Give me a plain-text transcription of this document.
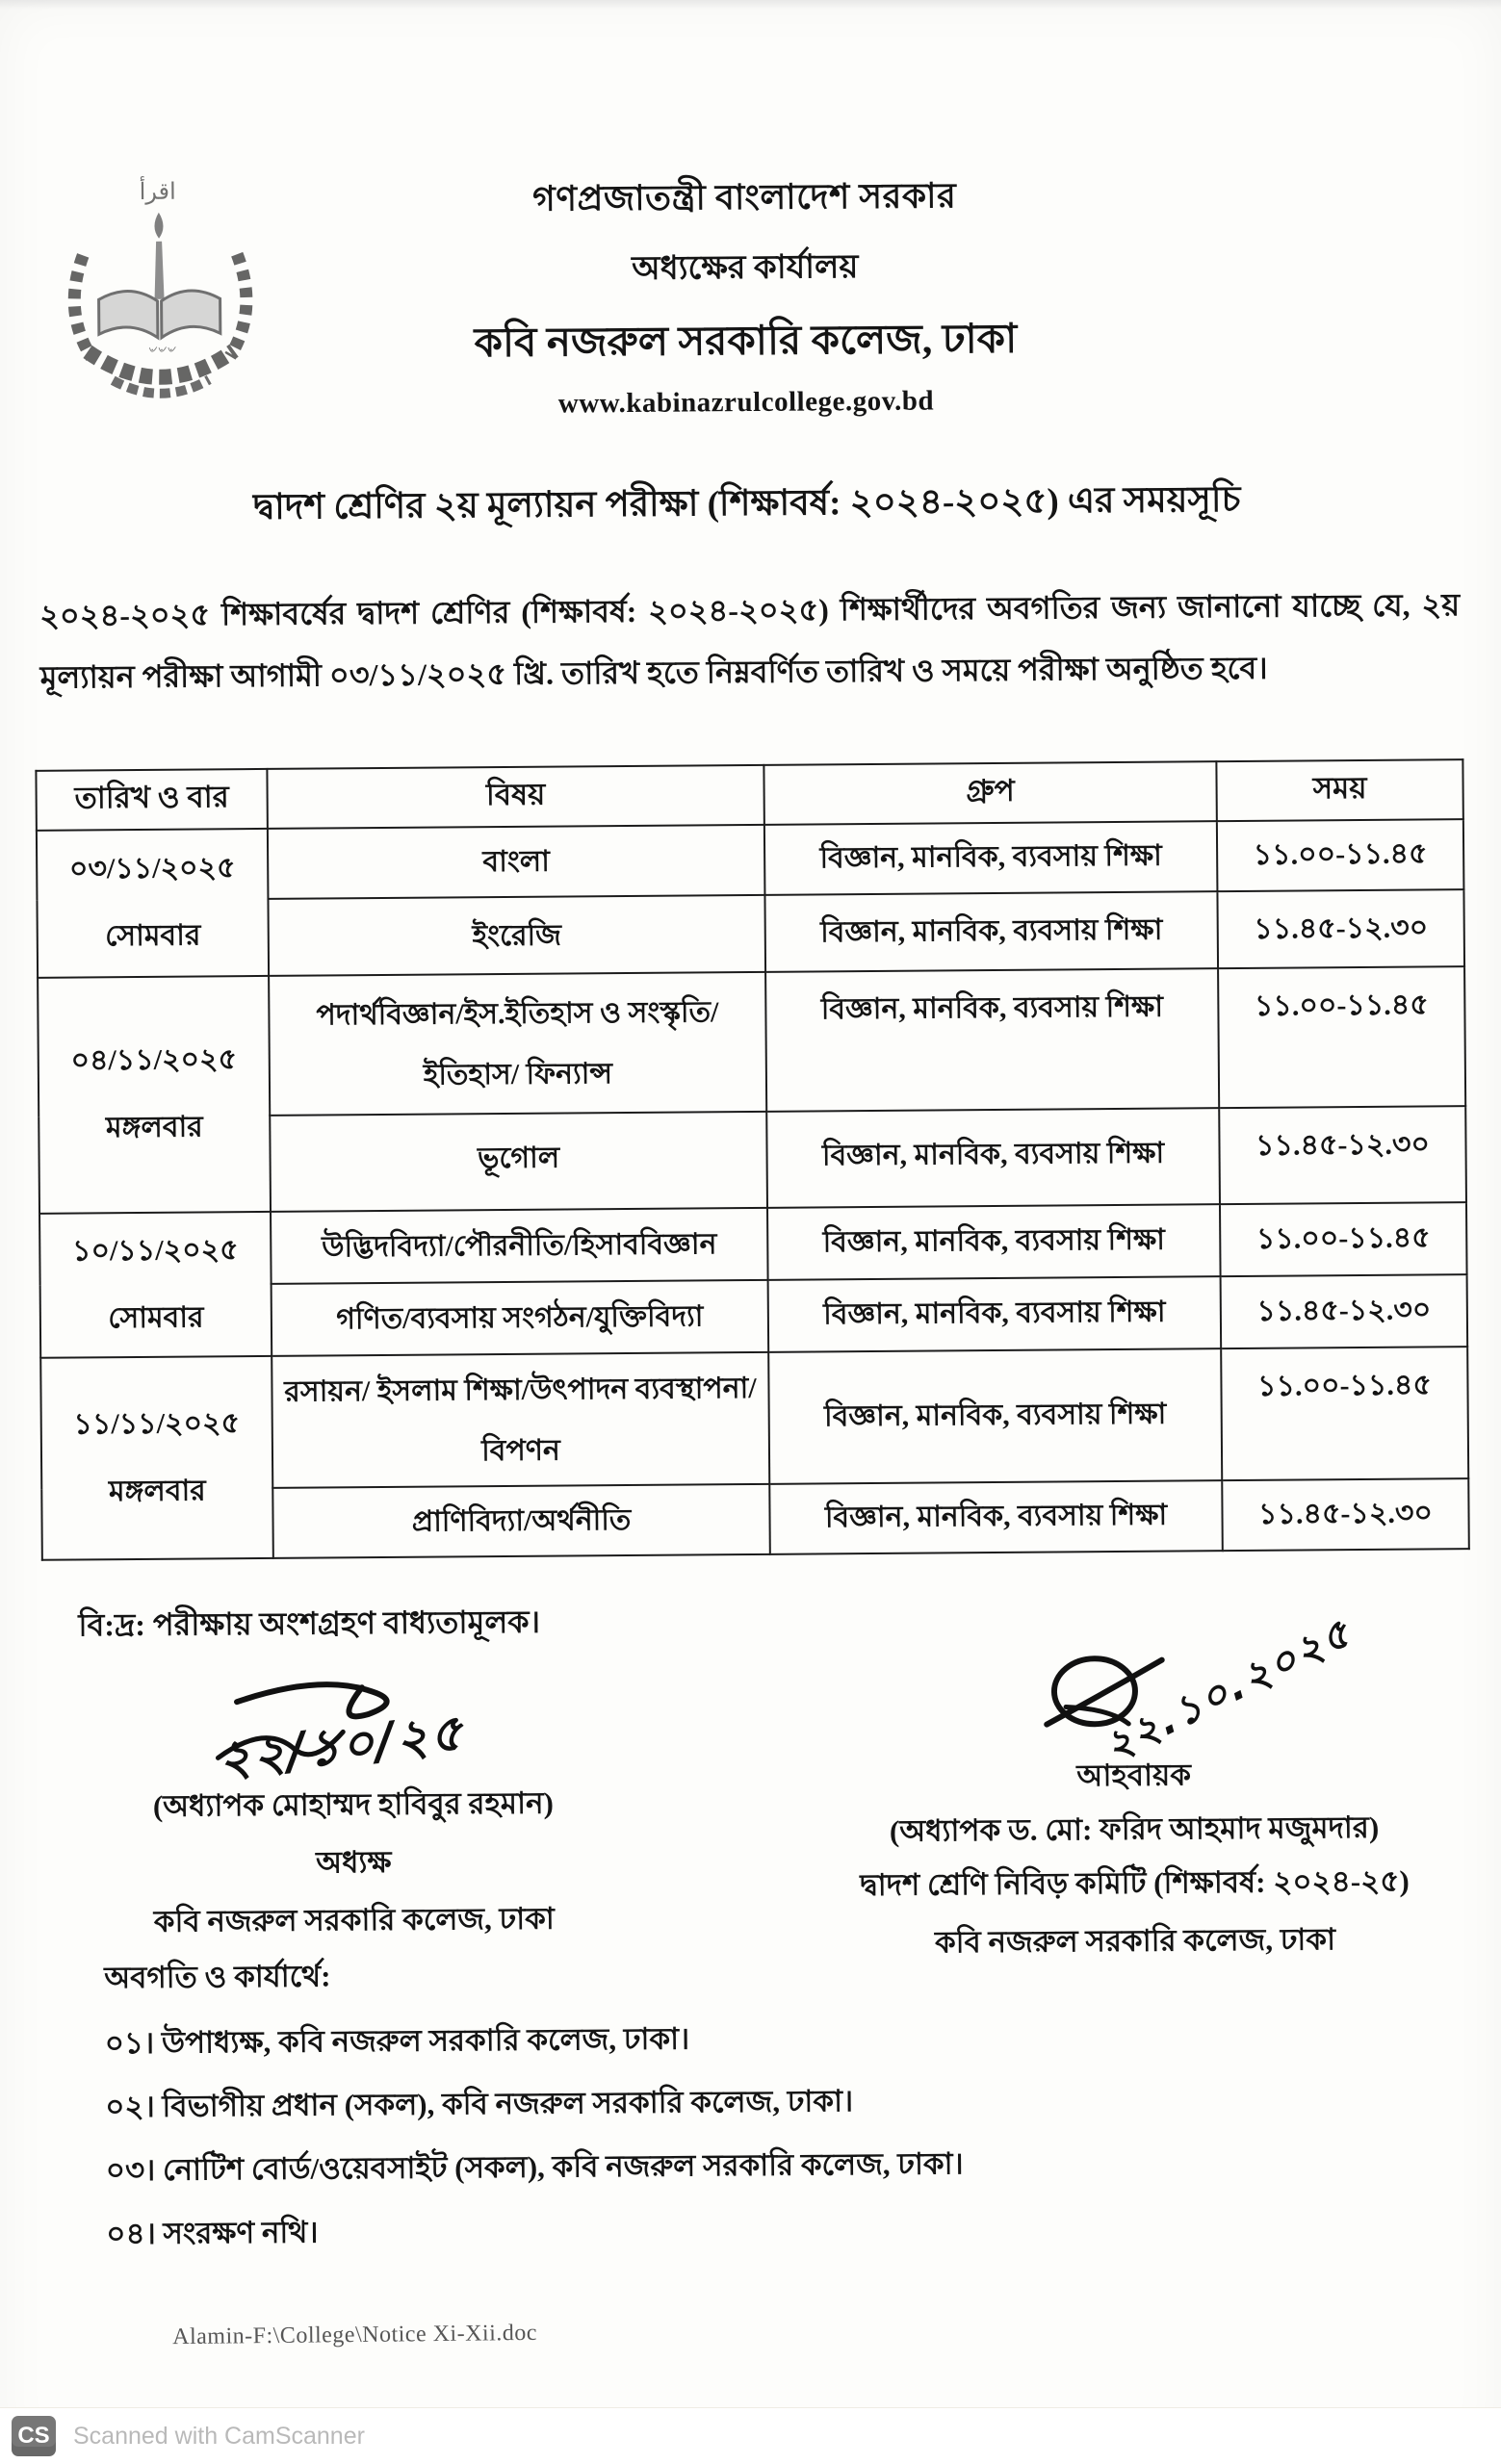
اقرأ
৺৺৺
গণপ্রজাতন্ত্রী বাংলাদেশ সরকার
অধ্যক্ষের কার্যালয়
কবি নজরুল সরকারি কলেজ, ঢাকা
www.kabinazrulcollege.gov.bd
দ্বাদশ শ্রেণির ২য় মূল্যায়ন পরীক্ষা (শিক্ষাবর্ষ: ২০২৪-২০২৫) এর সময়সূচি

২০২৪-২০২৫ শিক্ষাবর্ষের দ্বাদশ শ্রেণির (শিক্ষাবর্ষ: ২০২৪-২০২৫) শিক্ষার্থীদের অবগতির জন্য জানানো যাচ্ছে যে, ২য় মূল্যায়ন পরীক্ষা আগামী ০৩/১১/২০২৫ খ্রি. তারিখ হতে নিম্নবর্ণিত তারিখ ও সময়ে পরীক্ষা অনুষ্ঠিত হবে।

তারিখ ও বার	বিষয়	গ্রুপ	সময়

০৩/১১/২০২৫
সোমবার	বাংলা	বিজ্ঞান, মানবিক, ব্যবসায় শিক্ষা	১১.০০-১১.৪৫
	ইংরেজি	বিজ্ঞান, মানবিক, ব্যবসায় শিক্ষা	১১.৪৫-১২.৩০

০৪/১১/২০২৫
মঙ্গলবার	পদার্থবিজ্ঞান/ইস.ইতিহাস ও সংস্কৃতি/ইতিহাস/ ফিন্যান্স	বিজ্ঞান, মানবিক, ব্যবসায় শিক্ষা	১১.০০-১১.৪৫
	ভূগোল	বিজ্ঞান, মানবিক, ব্যবসায় শিক্ষা	১১.৪৫-১২.৩০

১০/১১/২০২৫
সোমবার	উদ্ভিদবিদ্যা/পৌরনীতি/হিসাববিজ্ঞান	বিজ্ঞান, মানবিক, ব্যবসায় শিক্ষা	১১.০০-১১.৪৫
	গণিত/ব্যবসায় সংগঠন/যুক্তিবিদ্যা	বিজ্ঞান, মানবিক, ব্যবসায় শিক্ষা	১১.৪৫-১২.৩০

১১/১১/২০২৫
মঙ্গলবার	রসায়ন/ ইসলাম শিক্ষা/উৎপাদন ব্যবস্থাপনা/ বিপণন	বিজ্ঞান, মানবিক, ব্যবসায় শিক্ষা	১১.০০-১১.৪৫
	প্রাণিবিদ্যা/অর্থনীতি	বিজ্ঞান, মানবিক, ব্যবসায় শিক্ষা	১১.৪৫-১২.৩০
বি:দ্র: পরীক্ষায় অংশগ্রহণ বাধ্যতামূলক।
২২/১০/২৫
(অধ্যাপক মোহাম্মদ হাবিবুর রহমান)
অধ্যক্ষ
কবি নজরুল সরকারি কলেজ, ঢাকা
২২.১০.২০২৫
আহবায়ক
(অধ্যাপক ড. মো: ফরিদ আহমাদ মজুমদার)
দ্বাদশ শ্রেণি নিবিড় কমিটি (শিক্ষাবর্ষ: ২০২৪-২৫)
কবি নজরুল সরকারি কলেজ, ঢাকা
অবগতি ও কার্যার্থে:
০১। উপাধ্যক্ষ, কবি নজরুল সরকারি কলেজ, ঢাকা।
০২। বিভাগীয় প্রধান (সকল), কবি নজরুল সরকারি কলেজ, ঢাকা।
০৩। নোটিশ বোর্ড/ওয়েবসাইট (সকল), কবি নজরুল সরকারি কলেজ, ঢাকা।
০৪। সংরক্ষণ নথি।
Alamin-F:\College\Notice Xi-Xii.doc
CS Scanned with CamScanner
